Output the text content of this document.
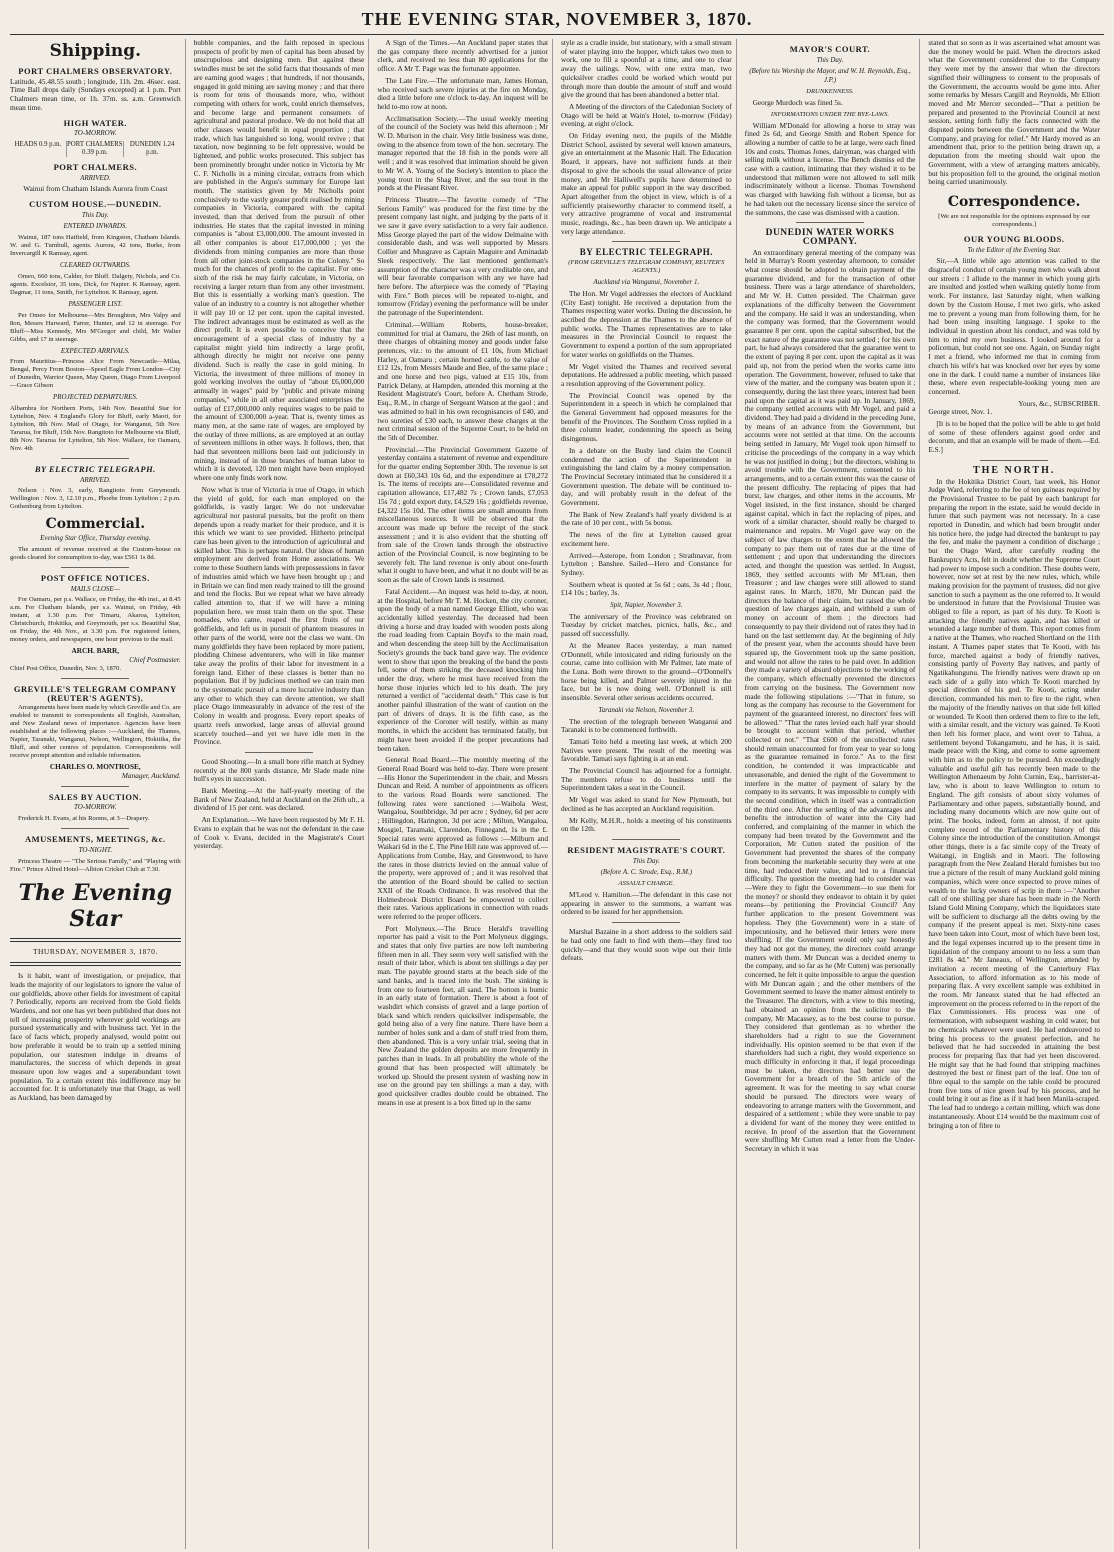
THE EVENING STAR, NOVEMBER 3, 1870.
Shipping.
PORT CHALMERS OBSERVATORY.

Latitude, 45.48.55 south ; longitude, 11h. 2m. 46sec. east. Time Ball drops daily (Sundays excepted) at 1 p.m. Port Chalmers mean time, or 1h. 37m. ss. a.m. Greenwich mean time.

HIGH WATER.
TO-MORROW.
HEADS 0.9 p.m. PORT CHALMERS 0.39 p.m.
DUNEDIN 1.24 p.m.
PORT CHALMERS.
ARRIVED.

Wainui from Chatham Islands Aurora from Coast

CUSTOM HOUSE.—DUNEDIN.
This Day.
ENTERED INWARDS.

Wainui, 187 tons Hatfield, from Kingston, Chatham Islands. W. and G. Turnbull, agents. Aurora, 42 tons, Burke, from Invercargill K Ramsay, agent.

CLEARED OUTWARDS.

Omeo, 660 tons, Calder, for Bluff. Dalgety, Nichols, and Co. agents. Excelsior, 35 tons, Dick, for Napier. K Ramsay, agent. Dagmar, 11 tons, Smith, for Lyttelton. K Ramsay, agent.

PASSENGER LIST.

Per Omeo for Melbourne—Mrs Broughton, Mrs Valpy and 8on, Messrs Harward, Farrer, Hunter, and 12 in steerage. For Bluff—Miss Kennedy, Mrs M'Gregor and child, Mr Walter Gibbs, and 17 in steerage.

EXPECTED ARRIVALS.

From Mauritius—Princess Alice From Newcastle—Milaa, Bengal, Percy From Boston—Speed Eagle From London—City of Dunedin, Warrior Queen, May Queen, Otago From Liverpool—Grace Gibson

PROJECTED DEPARTURES.

Albambra for Northern Ports, 14th Nov. Beautiful Star for Lyttelton, Nov. 4 England's Glory for Bluff, early Maori, for Lyttelton, 8th Nov. Mail of Otago, for Wanganui, 5th Nov. Tararua, for Bluff, 15th Nov. Rangitoto for Melbourne via Bluff, 8th Nov. Tararua for Lyttelton, 5th Nov. Wallace, for Oamaru, Nov. 4th

BY ELECTRIC TELEGRAPH.
ARRIVED.

Nelson : Nov. 3, early, Rangitoto from Greymouth. Wellington : Nov. 3, 12.10 p.m., Phoebe from Lyttelton ; 2 p.m. Gothenburg from Lyttelton.

Commercial.
Evening Star Office, Thursday evening.

The amount of revenue received at the Custom-house on goods cleared for consumption to-day, was £561 1s 8d.

POST OFFICE NOTICES.
MAILS CLOSE—

For Oamaru, per p.s. Wallace, on Friday, the 4th inst., at 8.45 a.m. For Chatham Islands, per s.s. Wainui, on Friday, 4th instant, at 1.30 p.m. For Timaru, Akaroa, Lyttelton, Christchurch, Hokitika, and Greymouth, per s.s. Beautiful Star, on Friday, the 4th Nov., at 3.30 p.m. For registered letters, money orders, and newspapers, one hour previous to the mail.

ARCH. BARR,
Chief Postmaster.

Chief Post Office, Dunedin, Nov. 3, 1870.

GREVILLE'S TELEGRAM COMPANY (REUTER'S AGENTS).

Arrangements have been made by which Greville and Co. are enabled to transmit to correspondents all English, Australian, and New Zealand news of importance. Agencies have been established at the following places :—Auckland, the Thames, Napier, Taranaki, Wanganui, Nelson, Wellington, Hokitika, the Bluff, and other centres of population. Correspondents will receive prompt attention and reliable information.

CHARLES O. MONTROSE,
Manager, Auckland.
SALES BY AUCTION.
TO-MORROW.

Frederick H. Evans, at his Rooms, at 3—Drapery.

AMUSEMENTS, MEETINGS, &c.
TO-NIGHT.

Princess Theatre — "The Serious Family," and "Playing with Fire." Prince Alfred Hotel—Albion Cricket Club at 7.30.

The Evening Star
THURSDAY, NOVEMBER 3, 1870.

Is it habit, want of investigation, or prejudice, that leads the majority of our legislators to ignore the value of our goldfields, above other fields for investment of capital ? Periodically, reports are received from the Gold fields Wardens, and not one has yet been published that does not tell of increasing prosperity wherever gold workings are pursued systematically and with business tact. Yet in the face of facts which, properly analysed, would point out how preferable it would be to train up a settled mining population, our statesmen indulge in dreams of manufactures, the success of which depends in great measure upon low wages and a superabundant town population. To a certain extent this indifference may be accounted for. It is unfortunately true that Otago, as well as Auckland, has been damaged by

bubble companies, and the faith reposed in specious prospects of profit by men of capital has been abused by unscrupulous and designing men. But against these swindles must be set the solid facts that thousands of men are earning good wages ; that hundreds, if not thousands, engaged in gold mining are saving money ; and that there is room for tens of thousands more, who, without competing with others for work, could enrich themselves, and become large and permanent consumers of agricultural and pastoral produce. We do not hold that all other classes would benefit in equal proportion ; that trade, which has languished so long, would revive ; that taxation, now beginning to be felt oppressive, would be lightened, and public works prosecuted. This subject has been prominently brought under notice in Victoria by Mr C. F. Nicholls in a mining circular, extracts from which are published in the Argus's summary for Europe last month. The statistics given by Mr Nicholls point conclusively to the vastly greater profit realised by mining companies in Victoria, compared with the capital invested, than that derived from the pursuit of other industries. He states that the capital invested in mining companies is "about £3,000,000. The amount invested in all other companies is about £17,000,000 ; yet the dividends from mining companies are more than those from all other joint-stock companies in the Colony." So much for the chances of profit to the capitalist. For one-sixth of the risk he may fairly calculate, in Victoria, on receiving a larger return than from any other investment. But this is essentially a working man's question. The value of an industry to a country is not altogether whether it will pay 10 or 12 per cent. upon the capital invested. The indirect advantages must be estimated as well as the direct profit. It is even possible to conceive that the encouragement of a special class of industry by a capitalist might yield him indirectly a large profit, although directly he might not receive one penny dividend. Such is really the case in gold mining. In Victoria, the investment of three millions of money in gold working involves the outlay of "about £6,000,000 annually in wages" paid by "public and private mining companies," while in all other associated enterprises the outlay of £17,000,000 only requires wages to be paid to the amount of £300,000 a-year. That is, twenty times as many men, at the same rate of wages, are employed by the outlay of three millions, as are employed at an outlay of seventeen millions in other ways. It follows, then, that had that seventeen millions been laid out judiciously in mining, instead of in those branches of human labor to which it is devoted, 120 men might have been employed where one only finds work now.

Now what is true of Victoria is true of Otago, in which the yield of gold, for each man employed on the goldfields, is vastly larger. We do not undervalue agricultural nor pastoral pursuits, but the profit on them depends upon a ready market for their produce, and it is this which we want to see provided. Hitherto principal care has been given to the introduction of agricultural and skilled labor. This is perhaps natural. Our ideas of human employment are derived from Home associations. We come to these Southern lands with prepossessions in favor of industries amid which we have been brought up ; and in Britain we can find men ready trained to till the ground and tend the flocks. But we repeat what we have already called attention to, that if we will have a mining population here, we must train them on the spot. These nomades, who came, reaped the first fruits of our goldfields, and left us in pursuit of phantom treasures in other parts of the world, were not the class we want. On many goldfields they have been replaced by more patient, plodding Chinese adventurers, who will in like manner take away the profits of their labor for investment in a foreign land. Either of these classes is better than no population. But if by judicious method we can train men to the systematic pursuit of a more lucrative industry than any other to which they can devote attention, we shall place Otago immeasurably in advance of the rest of the Colony in wealth and progress. Every report speaks of quartz reefs unworked, large areas of alluvial ground scarcely touched—and yet we have idle men in the Province.

Good Shooting.—In a small bore rifle match at Sydney recently at the 800 yards distance, Mr Slade made nine bull's eyes in succession.

Bank Meeting.—At the half-yearly meeting of the Bank of New Zealand, held at Auckland on the 26th ult., a dividend of 15 per cent. was declared.

An Explanation.—We have been requested by Mr F. H. Evans to explain that he was not the defendant in the case of Cook v. Evans, decided in the Magistrate's Court yesterday.

A Sign of the Times.—An Auckland paper states that the gas company there recently advertised for a junior clerk, and received no less than 80 applications for the office. A Mr T. Page was the fortunate appointee.

The Late Fire.—The unfortunate man, James Homan, who received such severe injuries at the fire on Monday, died a little before one o'clock to-day. An inquest will be held to-mo row at noon.

Acclimatisation Society.—The usual weekly meeting of the council of the Society was held this afternoon ; Mr W. D. Murison in the chair. Very little business was done, owing to the absence from town of the hon. secretary. The manager reported that the 18 fish in the ponds were all well ; and it was resolved that intimation should be given to Mr W. A. Young of the Society's intention to place the young trout in the Shag River, and the sea trout in the ponds at the Pleasant River.

Princess Theatre.—The favorite comedy of "The Serious Family" was produced for the first time by the present company last night, and judging by the parts of it we saw it gave every satisfaction to a very fair audience. Miss George played the part of the widow Delmaine with considerable dash, and was well supported by Messrs Collier and Musgrave as Captain Maguire and Aminadab Sleek respectively. The last mentioned gentleman's assumption of the character was a very creditable one, and will bear favorable comparison with any we have had here before. The afterpiece was the comedy of "Playing with Fire." Both pieces will be repeated to-night, and tomorrow (Friday) evening the performance will be under the patronage of the Superintendent.

Criminal.—William Roberts, house-breaker, committed for trial at Oamaru, the 26th of last month, on three charges of obtaining money and goods under false pretences, viz.: to the amount of £1 10s, from Michael Harley, at Oamaru ; certain horned cattle, to the value of £12 12s, from Messrs Maude and Bee, of the same place ; and one horse and two pigs, valued at £15 10s, from Patrick Delany, at Hampden, attended this morning at the Resident Magistrate's Court, before A. Chetham Strode, Esq., R.M., in charge of Sergeant Watson at the gaol ; and was admitted to bail in his own recognisances of £40, and two sureties of £30 each, to answer these charges at the next criminal session of the Supreme Court, to be held on the 5th of December.

Provincial.—The Provincial Government Gazette of yesterday contains a statement of revenue and expenditure for the quarter ending September 30th. The revenue is set down at £60,343 10s 6d, and the expenditure at £78,272 1s. The items of receipts are—Consolidated revenue and capitation allowance, £17,482 7s ; Crown lands, £7,053 15s 7d ; gold export duty, £4,529 16s ; goldfields revenue, £4,322 15s 10d. The other items are small amounts from miscellaneous sources. It will be observed that the account was made up before the receipt of the stock assessment ; and it is also evident that the shutting off from sale of the Crown lands through the obstructive action of the Provincial Council, is now beginning to be severely felt. The land revenue is only about one-fourth what it ought to have been, and what it no doubt will be as soon as the sale of Crown lands is resumed.

Fatal Accident.—An inquest was held to-day, at noon, at the Hospital, before Mr T. M. Hocken, the city coroner, upon the body of a man named George Elliott, who was accidentally killed yesterday. The deceased had been driving a horse and dray loaded with wooden posts along the road leading from Captain Boyd's to the main road, and when descending the steep hill by the Acclimatisation Society's grounds the back band gave way. The evidence went to show that upon the breaking of the band the posts fell, some of them striking the deceased knocking him under the dray, where he must have received from the horse those injuries which led to his death. The jury returned a verdict of "accidental death." This case is but another painful illustration of the want of caution on the part of drivers of drays. It is the fifth case, as the experience of the Coroner will testify, within as many months, in which the accident has terminated fatally, but might have been avoided if the proper precautions had been taken.

General Road Board.—The monthly meeting of the General Road Board was held to-day. There were present—His Honor the Superintendent in the chair, and Messrs Duncan and Reid. A number of appointments as officers to the various Road Boards were sanctioned. The following rates were sanctioned :—Waihola West, Wangaloa, Southbridge, 3d per acre ; Sydney, 6d per acre ; Hillingdon, Harington, 3d per acre ; Milton, Wangaloa, Mosgiel, Taramaki, Clarendon, Finnegand, 1s in the £. Special rates were approved as follows :—Milburn and Waikari 6d in the £. The Pine Hill rate was approved of.—Applications from Combe, Hay, and Greenwood, to have the rates in those districts levied on the annual value of the property, were approved of ; and it was resolved that the attention of the Board should be called to section XXII of the Roads Ordinance. It was resolved that the Holmesbrook District Board be empowered to collect their rates. Various applications in connection with roads were referred to the proper officers.

Port Molyneux.—The Bruce Herald's travelling reporter has paid a visit to the Port Molyneux diggings, and states that only five parties are now left numbering fifteen men in all. They seem very well satisfied with the result of their labor, which is about ten shillings a day per man. The payable ground starts at the beach side of the sand banks, and is traced into the bush. The sinking is from one to fourteen feet, all sand. The bottom is humic in an early state of formation. There is about a foot of washdirt which consists of gravel and a large portion of black sand which renders quicksilver indispensable, the gold being also of a very fine nature. There have been a number of holes sunk and a dam of stuff tried from them, then abandoned. This is a very unfair trial, seeing that in New Zealand the golden deposits are more frequently in patches than in leads. In all probability the whole of the ground that has been prospected will ultimately be worked up. Should the present system of washing now in use on the ground pay ten shillings a man a day, with good quicksilver cradles double could be obtained. The means in use at present is a box fitted up in the same

style as a cradle inside, but stationary, with a small stream of water playing into the hopper, which takes two men to work, one to fill a spoonful at a time, and one to clear away the tailings. Now, with one extra man, two quicksilver cradles could be worked which would put through more than double the amount of stuff and would give the ground that has been abandoned a better trial.

A Meeting of the directors of the Caledonian Society of Otago will be held at Wain's Hotel, to-morrow (Friday) evening, at eight o'clock.

On Friday evening next, the pupils of the Middle District School, assisted by several well known amateurs, give an entertainment at the Masonic Hall. The Education Board, it appears, have not sufficient funds at their disposal to give the schools the usual allowance of prize money, and Mr Halliwell's pupils have determined to make an appeal for public support in the way described. Apart altogether from the object in view, which is of a sufficiently praiseworthy character to commend itself, a very attractive programme of vocal and instrumental music, readings, &c., has been drawn up. We anticipate a very large attendance.

BY ELECTRIC TELEGRAPH.
(FROM GREVILLE'S TELEGRAM COMPANY, REUTER'S AGENTS.)
Auckland via Wanganui, November 1.

The Hon. Mr Vogel addresses the electors of Auckland (City East) tonight. He received a deputation from the Thames respecting water works. During the discussion, he ascribed the depression at the Thames to the absence of public works. The Thames representatives are to take measures in the Provincial Council to request the Government to expend a portion of the sum appropriated for water works on goldfields on the Thames.

Mr Vogel visited the Thames and received several deputations. He addressed a public meeting, which passed a resolution approving of the Government policy.

The Provincial Council was opened by the Superintendent in a speech in which he complained that the General Government had opposed measures for the benefit of the Provinces. The Southern Cross replied in a three column leader, condemning the speech as being disingenous.

In a debate on the Busby land claim the Council condemned the action of the Superintendent in extinguishing the land claim by a money compensation. The Provincial Secretary intimated that he considered it a Government question. The debate will be continued to-day, and will probably result in the defeat of the Government.

The Bank of New Zealand's half yearly dividend is at the rate of 10 per cent., with 5s bonus.

The news of the fire at Lyttelton caused great excitement here.

Arrived—Asterope, from London ; Strathnavar, from Lyttelton ; Banshee. Sailed—Hero and Constance for Sydney.

Southern wheat is quoted at 5s 6d ; oats, 3s 4d ; flour, £14 10s ; barley, 3s.

Spit, Napier, November 3.

The anniversary of the Province was celebrated on Tuesday by cricket matches, picnics, balls, &c., and passed off successfully.

At the Meanee Races yesterday, a man named O'Donnell, while intoxicated and riding furiously on the course, came into collision with Mr Palmer, late mate of the Luna. Both were thrown to the ground—O'Donnell's horse being killed, and Palmer severely injured in the face, but he is now doing well. O'Donnell is still insensible. Several other serious accidents occurred.

Taranaki via Nelson, November 3.

The erection of the telegraph between Wanganui and Taranaki is to be commenced forthwith.

Tamati Teito held a meeting last week, at which 200 Natives were present. The result of the meeting was favorable. Tamati says fighting is at an end.

The Provincial Council has adjourned for a fortnight. The members refuse to do business until the Superintendent takes a seat in the Council.

Mr Vogel was asked to stand for New Plymouth, but declined as he has accepted an Auckland requisition.

Mr Kelly, M.H.R., holds a meeting of his constituents on the 12th.

RESIDENT MAGISTRATE'S COURT.
This Day.
(Before A. C. Strode, Esq., R.M.)
ASSAULT CHARGE.

M'Leod v. Hamilton.—The defendant in this case not appearing in answer to the summons, a warrant was ordered to be issued for her apprehension.

Marshal Bazaine in a short address to the soldiers said he had only one fault to find with them—they fired too quickly—and that they would soon wipe out their little defeats.

MAYOR'S COURT.
This Day.
(Before his Worship the Mayor, and W. H. Reynolds, Esq., J.P.)
DRUNKENNESS.

George Murdoch was fined 5s.

INFORMATIONS UNDER THE BYE-LAWS.

William M'Donald for allowing a horse to stray was fined 2s 6d, and George Smith and Robert Spence for allowing a number of cattle to be at large, were each fined 10s and costs. Thomas Jones, dairyman, was charged with selling milk without a license. The Bench dismiss ed the case with a caution, intimating that they wished it to be understood that milkmen were not allowed to sell milk indiscriminately without a license. Thomas Townshend was charged with hawking fish without a license, but as he had taken out the necessary license since the service of the summons, the case was dismissed with a caution.

DUNEDIN WATER WORKS COMPANY.

An extraordinary general meeting of the company was held in Murray's Room yesterday afternoon, to consider what course should be adopted to obtain payment of the guarantee dividend, and for the transaction of other business. There was a large attendance of shareholders, and Mr W. H. Cutten presided. The Chairman gave explanations of the difficulty between the Government and the company. He said it was an understanding, when the company was formed, that the Government would guarantee 8 per cent. upon the capital subscribed, but the exact nature of the guarantee was not settled ; for his own part, he had always considered that the guarantee went to the extent of paying 8 per cent. upon the capital as it was paid up, not from the period when the works came into operation. The Government, however, refused to take that view of the matter, and the company was beaten upon it ; consequently, during the last three years, interest had been paid upon the capital as it was paid up. In January, 1869, the company settled accounts with Mr Vogel, and paid a dividend. They had paid a dividend in the preceding June, by means of an advance from the Government, but accounts were not settled at that time. On the accounts being settled in January, Mr Vogel took upon himself to criticise the proceedings of the company in a way which he was not justified in doing ; but the directors, wishing to avoid trouble with the Government, consented to his arrangements, and to a certain extent this was the cause of the present difficulty. The replacing of pipes that had burst, law charges, and other items in the accounts, Mr Vogel insisted, in the first instance, should be charged against capital, which in fact the replacing of pipes, and work of a similar character, should really be charged to maintenance and repairs. Mr Vogel gave way on the subject of law charges to the extent that he allowed the company to pay them out of rates due at the time of settlement ; and upon that understanding the directors acted, and thought the question was settled. In August, 1869, they settled accounts with Mr M'Lean, then Treasurer ; and law charges were still allowed to stand against rates. In March, 1870, Mr Duncan paid the directors the balance of their claim, but raised the whole question of law charges again, and withheld a sum of money on account of them ; the directors had consequently to pay their dividend out of rates they had in hand on the last settlement day. At the beginning of July of the present year, when the accounts should have been squared up, the Government took up the same position, and would not allow the rates to be paid over. In addition they made a variety of absurd objections to the working of the company, which effectually prevented the directors from carrying on the business. The Government now made the following stipulations :—"That in future, so long as the company has recourse to the Government for payment of the guaranteed interest, no directors' fees will be allowed." "That the rates levied each half year should be brought to account within that period, whether collected or not." "That £600 of the uncollected rates should remain unaccounted for from year to year so long as the guarantee remained in force." As to the first condition, he contended it was impracticable and unreasonable, and denied the right of the Government to interfere in the matter of payment of salary by the company to its servants. It was impossible to comply with the second condition, which in itself was a contradiction of the third one. After the settling of the advantages and benefits the introduction of water into the City had conferred, and complaining of the manner in which the company had been treated by the Government and the Corporation, Mr Cutten stated the position of the Government had prevented the shares of the company from becoming the marketable security they were at one time, had reduced their value, and led to a financial difficulty. The question the meeting had to consider was—Were they to fight the Government—to sue them for the money? or should they endeavor to obtain it by quiet means—by petitioning the Provincial Council? Any further application to the present Government was hopeless. They (the Government) were in a state of impecuniosity, and he believed their letters were mere shuffling. If the Government would only say honestly they had not got the money, the directors could arrange matters with them. Mr Duncan was a decided enemy to the company, and so far as he (Mr Cutten) was personally concerned, he felt it quite impossible to argue the question with Mr Duncan again ; and the other members of the Government seemed to leave the matter almost entirely to the Treasurer. The directors, with a view to this meeting, had obtained an opinion from the solicitor to the company, Mr Macassey, as to the best course to pursue. They considered that gentleman as to whether the shareholders had a right to sue the Government individually. His opinion seemed to be that even if the shareholders had such a right, they would experience so much difficulty in enforcing it that, if legal proceedings must be taken, the directors had better sue the Government for a breach of the 5th article of the agreement. It was for the meeting to say what course should be pursued. The directors were weary of endeavoring to arrange matters with the Government, and despaired of a settlement ; while they were unable to pay a dividend for want of the money they were entitled to receive. In proof of the assertion that the Government were shuffling Mr Cutten read a letter from the Under-Secretary in which it was

stated that so soon as it was ascertained what amount was due the money would be paid. When the directors asked what the Government considered due to the Company they were met by the answer that when the directors signified their willingness to consent to the proposals of the Government, the accounts would be gone into. After some remarks by Messrs Cargill and Reynolds, Mr Elliott moved and Mr Mercer seconded—"That a petition be prepared and presented to the Provincial Council at next session, setting forth fully the facts connected with the disputed points between the Government and the Water Company, and praying for relief." Mr Hardy moved as an amendment that, prior to the petition being drawn up, a deputation from the meeting should wait upon the Government, with a view of arranging matters amicably, but his proposition fell to the ground, the original motion being carried unanimously.

Correspondence.

[We are not responsible for the opinions expressed by our correspondents.]

OUR YOUNG BLOODS.
To the Editor of the Evening Star.

Sir,—A little while ago attention was called to the disgraceful conduct of certain young men who walk about our streets : I allude to the manner in which young girls are insulted and jostled when walking quietly home from work. For instance, last Saturday night, when walking down by the Custom House, I met two girls, who asked me to prevent a young man from following them, for he had been using insulting language. I spoke to the individual in question about his conduct, and was told by him to mind my own business. I looked around for a policeman, but could not see one. Again, on Sunday night I met a friend, who informed me that in coming from church his wife's hat was knocked over her eyes by some one in the dark. I could name a number of instances like these, where even respectable-looking young men are concerned.

Yours, &c., SUBSCRIBER.

George street, Nov. 1.

[It is to be hoped that the police will be able to get hold of some of these offenders against good order and decorum, and that an example will be made of them.—Ed. E.S.]

THE NORTH.

In the Hokitika District Court, last week, his Honor Judge Ward, referring to the fee of ten guineas required by the Provisional Trustee to be paid by each bankrupt for preparing the report in the estate, said he would decide in future that such payment was not necessary. In a case reported in Dunedin, and which had been brought under his notice here, the judge had directed the bankrupt to pay the fee, and make the payment a condition of discharge ; but the Otago Ward, after carefully reading the Bankruptcy Acts, felt in doubt whether the Supreme Court had power to impose such a condition. These doubts were, however, now set at rest by the new rules, which, while making provision for the payment of trustees, did not give sanction to such a payment as the one referred to. It would be understood in future that the Provisional Trustee was obliged to file a report, as part of his duty. Te Kooti is attacking the friendly natives again, and has killed or wounded a large number of them. This report comes from a native at the Thames, who reached Shortland on the 11th instant. A Thames paper states that Te Kooti, with his force, marched against a body of friendly natives, consisting partly of Poverty Bay natives, and partly of Ngatikahungunu. The friendly natives were drawn up on each side of a gully into which Te Kooti marched by special direction of his god. Te Kooti, acting under direction, commanded his men to fire to the right, when the majority of the friendly natives on that side fell killed or wounded. Te Kooti then ordered them to fire to the left, with a similar result, and the victory was gained. Te Kooti then left his former place, and went over to Tahua, a settlement beyond Tokangamutu, and he has, it is said, made peace with the King, and come to some agreement with him as to the policy to be pursued. An exceedingly valuable and useful gift has recently been made to the Wellington Athenaeum by John Curnin, Esq., barrister-at-law, who is about to leave Wellington to return to England. The gift consists of about sixty volumes of Parliamentary and other papers, substantially bound, and including many documents which are now quite out of print. The books, indeed, form an almost, if not quite complete record of the Parliamentary history of this Colony since the introduction of the constitution. Amongst other things, there is a fac simile copy of the Treaty of Waitangi, in English and in Maori. The following paragraph from the New Zealand Herald furnishes but too true a picture of the result of many Auckland gold mining companies, which were once expected to prove mines of wealth to the lucky owners of scrip in them :—"Another call of one shilling per share has been made in the North Island Gold Mining Company, which the liquidators state will be sufficient to discharge all the debts owing by the company if the present appeal is met. Sixty-nine cases have been taken into Court, most of which have been lost, and the legal expenses incurred up to the present time in liquidation of the company amount to no less a sum than £281 8s 4d." Mr Janeaux, of Wellington, attended by invitation a recent meeting of the Canterbury Flax Association, to afford information as to his mode of preparing flax. A very excellent sample was exhibited in the room. Mr Janeaux stated that he had effected an improvement on the process referred to in the report of the Flax Commissioners. His process was one of fermentation, with subsequent washing in cold water, but no chemicals whatever were used. He had endeavored to bring his process to the greatest perfection, and he believed that he had succeeded in attaining the best process for preparing flax that had yet been discovered. He might say that he had found that stripping machines destroyed the best or finest part of the leaf. One ton of fibre equal to the sample on the table could be procured from five tons of nice green leaf by his process, and he could bring it out as fine as if it had been Manila-scraped. The leaf had to undergo a certain milling, which was done instantaneously. About £14 would be the maximum cost of bringing a ton of fibre to
